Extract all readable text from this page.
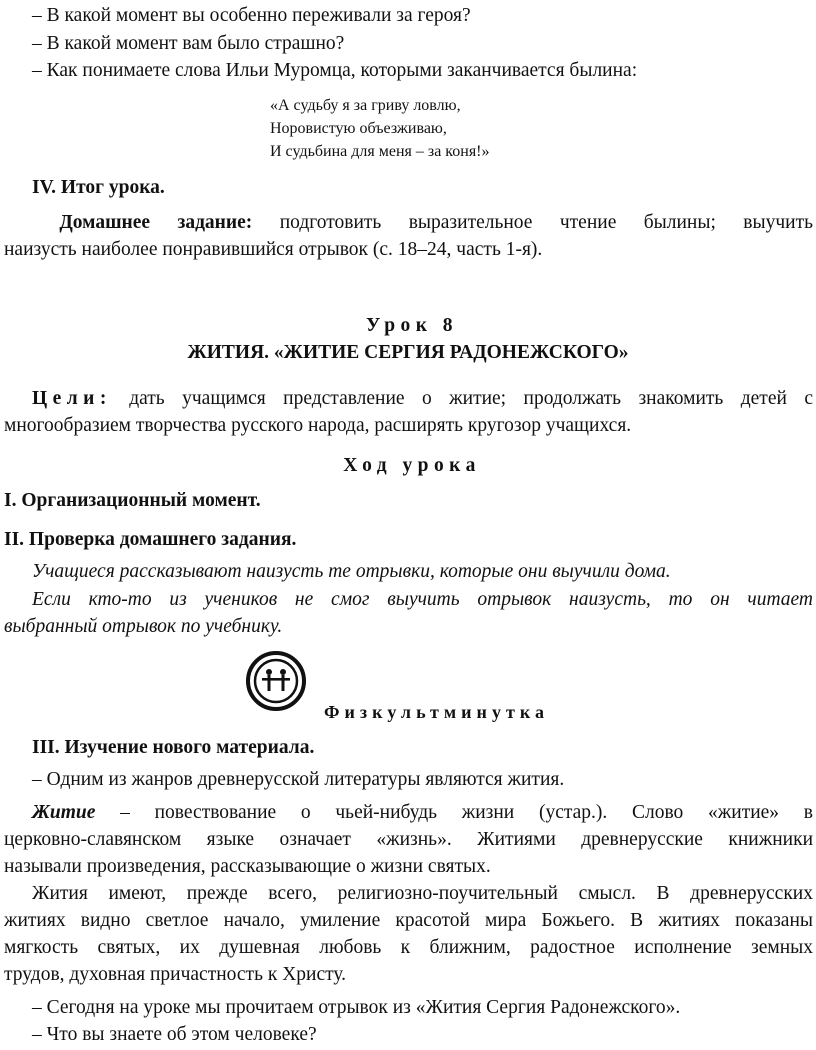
– В какой момент вы особенно переживали за героя?
– В какой момент вам было страшно?
– Как понимаете слова Ильи Муромца, которыми заканчивается былина:
«А судьбу я за гриву ловлю,
Норовистую объезживаю,
И судьбина для меня – за коня!»
IV. Итог урока.
Домашнее задание: подготовить выразительное чтение былины; выучить
наизусть наиболее понравившийся отрывок (с. 18–24, часть 1-я).
Урок 8
ЖИТИЯ. «ЖИТИЕ СЕРГИЯ РАДОНЕЖСКОГО»
Цели: дать учащимся представление о житие; продолжать знакомить детей с
многообразием творчества русского народа, расширять кругозор учащихся.
Ход урока
I. Организационный момент.
II. Проверка домашнего задания.
Учащиеся рассказывают наизусть те отрывки, которые они выучили дома.
Если кто-то из учеников не смог выучить отрывок наизусть, то он читает
выбранный отрывок по учебнику.
Физкультминутка
III. Изучение нового материала.
– Одним из жанров древнерусской литературы являются жития.
Житие – повествование о чьей-нибудь жизни (устар.). Слово «житие» в
церковно-славянском языке означает «жизнь». Житиями древнерусские книжники
называли произведения, рассказывающие о жизни святых.
Жития имеют, прежде всего, религиозно-поучительный смысл. В древнерусских
житиях видно светлое начало, умиление красотой мира Божьего. В житиях показаны
мягкость святых, их душевная любовь к ближним, радостное исполнение земных
трудов, духовная причастность к Христу.
– Сегодня на уроке мы прочитаем отрывок из «Жития Сергия Радонежского».
– Что вы знаете об этом человеке?
